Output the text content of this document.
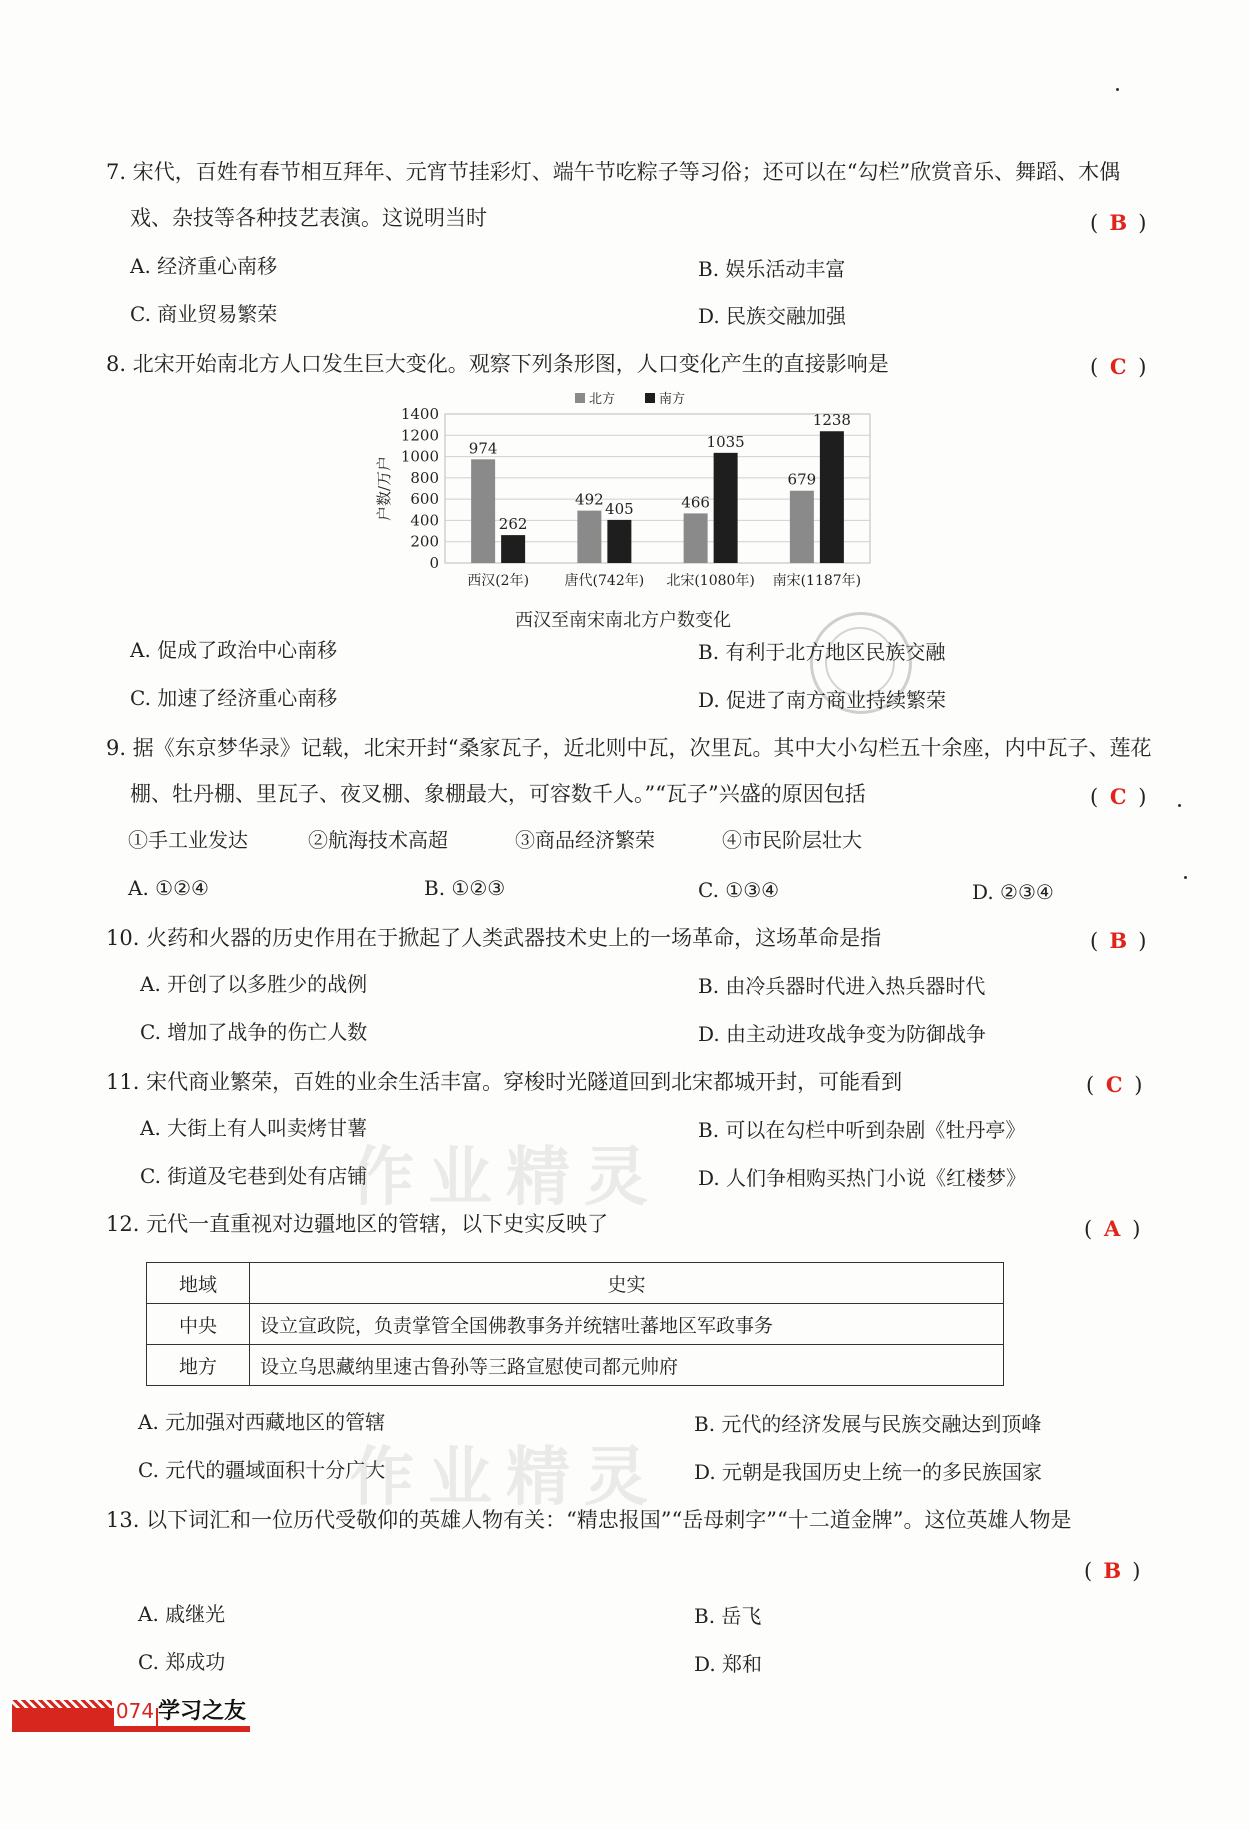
7. 宋代，百姓有春节相互拜年、元宵节挂彩灯、端午节吃粽子等习俗；还可以在“勾栏”欣赏音乐、舞蹈、木偶
戏、杂技等各种技艺表演。这说明当时	( B )
A. 经济重心南移	B. 娱乐活动丰富
C. 商业贸易繁荣	D. 民族交融加强
8. 北宋开始南北方人口发生巨大变化。观察下列条形图，人口变化产生的直接影响是	( C )
0
200
400
600
800
1000
1200
1400
户数/万户
北方	南方
974
262
西汉(2年)
492
405
唐代(742年)
466
1035
北宋(1080年)
679
1238
南宋(1187年)
西汉至南宋南北方户数变化
A. 促成了政治中心南移	B. 有利于北方地区民族交融
C. 加速了经济重心南移	D. 促进了南方商业持续繁荣
9. 据《东京梦华录》记载，北宋开封“桑家瓦子，近北则中瓦，次里瓦。其中大小勾栏五十余座，内中瓦子、莲花
棚、牡丹棚、里瓦子、夜叉棚、象棚最大，可容数千人。”“瓦子”兴盛的原因包括	( C )
①手工业发达	②航海技术高超	③商品经济繁荣	④市民阶层壮大
A. ①②④	B. ①②③	C. ①③④	D. ②③④
10. 火药和火器的历史作用在于掀起了人类武器技术史上的一场革命，这场革命是指	( B )
A. 开创了以多胜少的战例	B. 由冷兵器时代进入热兵器时代
C. 增加了战争的伤亡人数	D. 由主动进攻战争变为防御战争
11. 宋代商业繁荣，百姓的业余生活丰富。穿梭时光隧道回到北宋都城开封，可能看到	( C )
A. 大街上有人叫卖烤甘薯	B. 可以在勾栏中听到杂剧《牡丹亭》
C. 街道及宅巷到处有店铺	D. 人们争相购买热门小说《红楼梦》
作业精灵
12. 元代一直重视对边疆地区的管辖，以下史实反映了	( A )
地域	史实
中央	设立宣政院，负责掌管全国佛教事务并统辖吐蕃地区军政事务
地方	设立乌思藏纳里速古鲁孙等三路宣慰使司都元帅府
A. 元加强对西藏地区的管辖	B. 元代的经济发展与民族交融达到顶峰
C. 元代的疆域面积十分广大	D. 元朝是我国历史上统一的多民族国家
作业精灵
13. 以下词汇和一位历代受敬仰的英雄人物有关：“精忠报国”“岳母刺字”“十二道金牌”。这位英雄人物是
( B )
A. 戚继光	B. 岳飞
C. 郑成功	D. 郑和
074 学习之友
